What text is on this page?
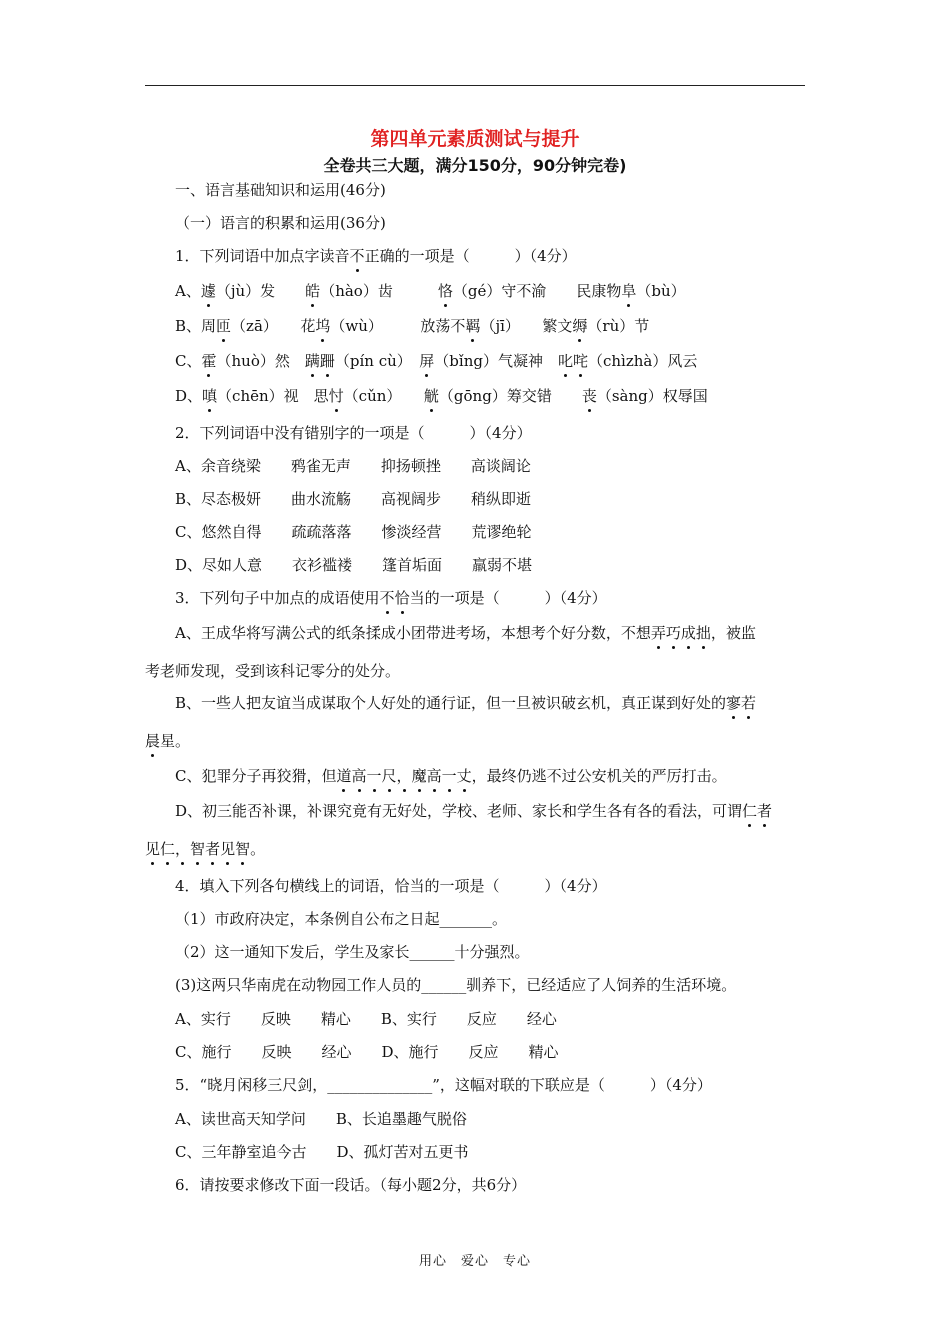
第四单元素质测试与提升
全卷共三大题，满分150分，90分钟完卷)
一、语言基础知识和运用(46分)
（一）语言的积累和运用(36分)
1．下列词语中加点字读音不正确的一项是（　　　）（4分）
A、遽（jù）发　　皓（hào）齿　　　恪（gé）守不渝　　民康物阜（bù）
B、周匝（zā）　　花坞（wù）　　　放荡不羁（jī）　　繁文缛（rù）节
C、霍（huò）然　蹒跚（pín cù）　屏（bǐng）气凝神　叱咤（chìzhà）风云
D、嗔（chēn）视　思忖（cǔn）　　觥（gōng）筹交错　　丧（sàng）权辱国
2．下列词语中没有错别字的一项是（　　　）（4分）
A、余音绕梁　　鸦雀无声　　抑扬顿挫　　高谈阔论
B、尽态极妍　　曲水流觞　　高视阔步　　稍纵即逝
C、悠然自得　　疏疏落落　　惨淡经营　　荒谬绝轮
D、尽如人意　　衣衫褴褛　　篷首垢面　　羸弱不堪
3．下列句子中加点的成语使用不恰当的一项是（　　　）（4分）
A、王成华将写满公式的纸条揉成小团带进考场，本想考个好分数，不想弄巧成拙，被监
考老师发现，受到该科记零分的处分。
B、一些人把友谊当成谋取个人好处的通行证，但一旦被识破玄机，真正谋到好处的寥若
晨星。
C、犯罪分子再狡猾，但道高一尺，魔高一丈，最终仍逃不过公安机关的严厉打击。
D、初三能否补课，补课究竟有无好处，学校、老师、家长和学生各有各的看法，可谓仁者
见仁，智者见智。
4．填入下列各句横线上的词语，恰当的一项是（　　　）（4分）
（1）市政府决定，本条例自公布之日起_______。
（2）这一通知下发后，学生及家长______十分强烈。
(3)这两只华南虎在动物园工作人员的______驯养下，已经适应了人饲养的生活环境。
A、实行　　反映　　精心　　B、实行　　反应　　经心
C、施行　　反映　　经心　　D、施行　　反应　　精心
5．“晓月闲移三尺剑，______________”，这幅对联的下联应是（　　　）（4分）
A、读世高天知学问　　B、长追墨趣气脱俗
C、三年静室追今古　　D、孤灯苦对五更书
6．请按要求修改下面一段话。（每小题2分，共6分）
用心　爱心　专心
